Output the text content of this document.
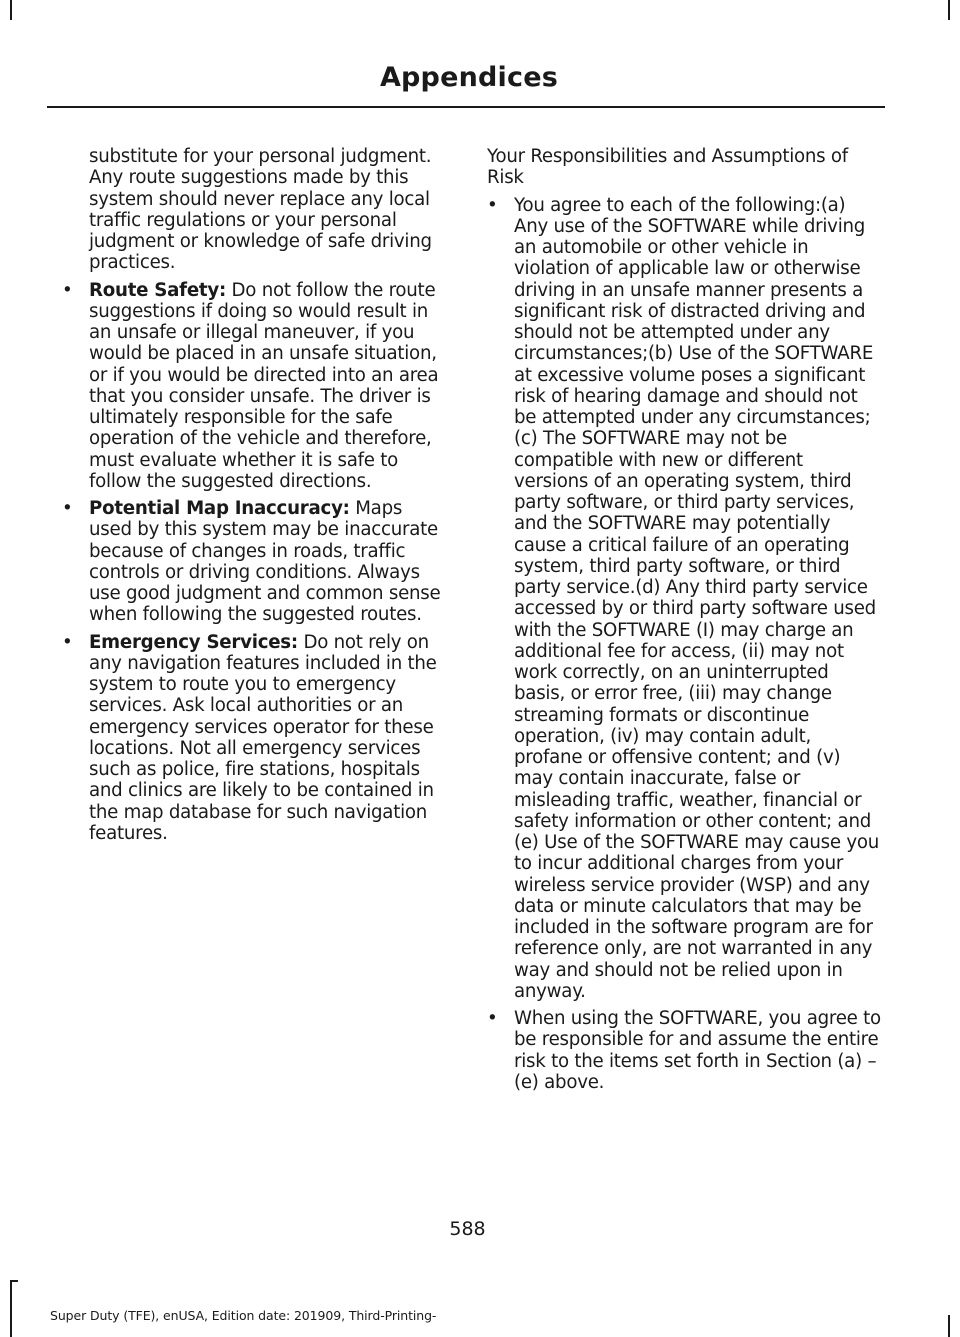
Appendices

substitute for your personal judgment. Any route suggestions made by this system should never replace any local traffic regulations or your personal judgment or knowledge of safe driving practices.

• Route Safety: Do not follow the route suggestions if doing so would result in an unsafe or illegal maneuver, if you would be placed in an unsafe situation, or if you would be directed into an area that you consider unsafe. The driver is ultimately responsible for the safe operation of the vehicle and therefore, must evaluate whether it is safe to follow the suggested directions.
• Potential Map Inaccuracy: Maps used by this system may be inaccurate because of changes in roads, traffic controls or driving conditions. Always use good judgment and common sense when following the suggested routes.
• Emergency Services: Do not rely on any navigation features included in the system to route you to emergency services. Ask local authorities or an emergency services operator for these locations. Not all emergency services such as police, fire stations, hospitals and clinics are likely to be contained in the map database for such navigation features.

Your Responsibilities and Assumptions of Risk

• You agree to each of the following:(a) Any use of the SOFTWARE while driving an automobile or other vehicle in violation of applicable law or otherwise driving in an unsafe manner presents a significant risk of distracted driving and should not be attempted under any circumstances;(b) Use of the SOFTWARE at excessive volume poses a significant risk of hearing damage and should not be attempted under any circumstances;(c) The SOFTWARE may not be compatible with new or different versions of an operating system, third party software, or third party services, and the SOFTWARE may potentially cause a critical failure of an operating system, third party software, or third party service.(d) Any third party service accessed by or third party software used with the SOFTWARE (I) may charge an additional fee for access, (ii) may not work correctly, on an uninterrupted basis, or error free, (iii) may change streaming formats or discontinue operation, (iv) may contain adult, profane or offensive content; and (v) may contain inaccurate, false or misleading traffic, weather, financial or safety information or other content; and (e) Use of the SOFTWARE may cause you to incur additional charges from your wireless service provider (WSP) and any data or minute calculators that may be included in the software program are for reference only, are not warranted in any way and should not be relied upon in anyway.
• When using the SOFTWARE, you agree to be responsible for and assume the entire risk to the items set forth in Section (a) – (e) above.
588
Super Duty (TFE), enUSA, Edition date: 201909, Third-Printing-
